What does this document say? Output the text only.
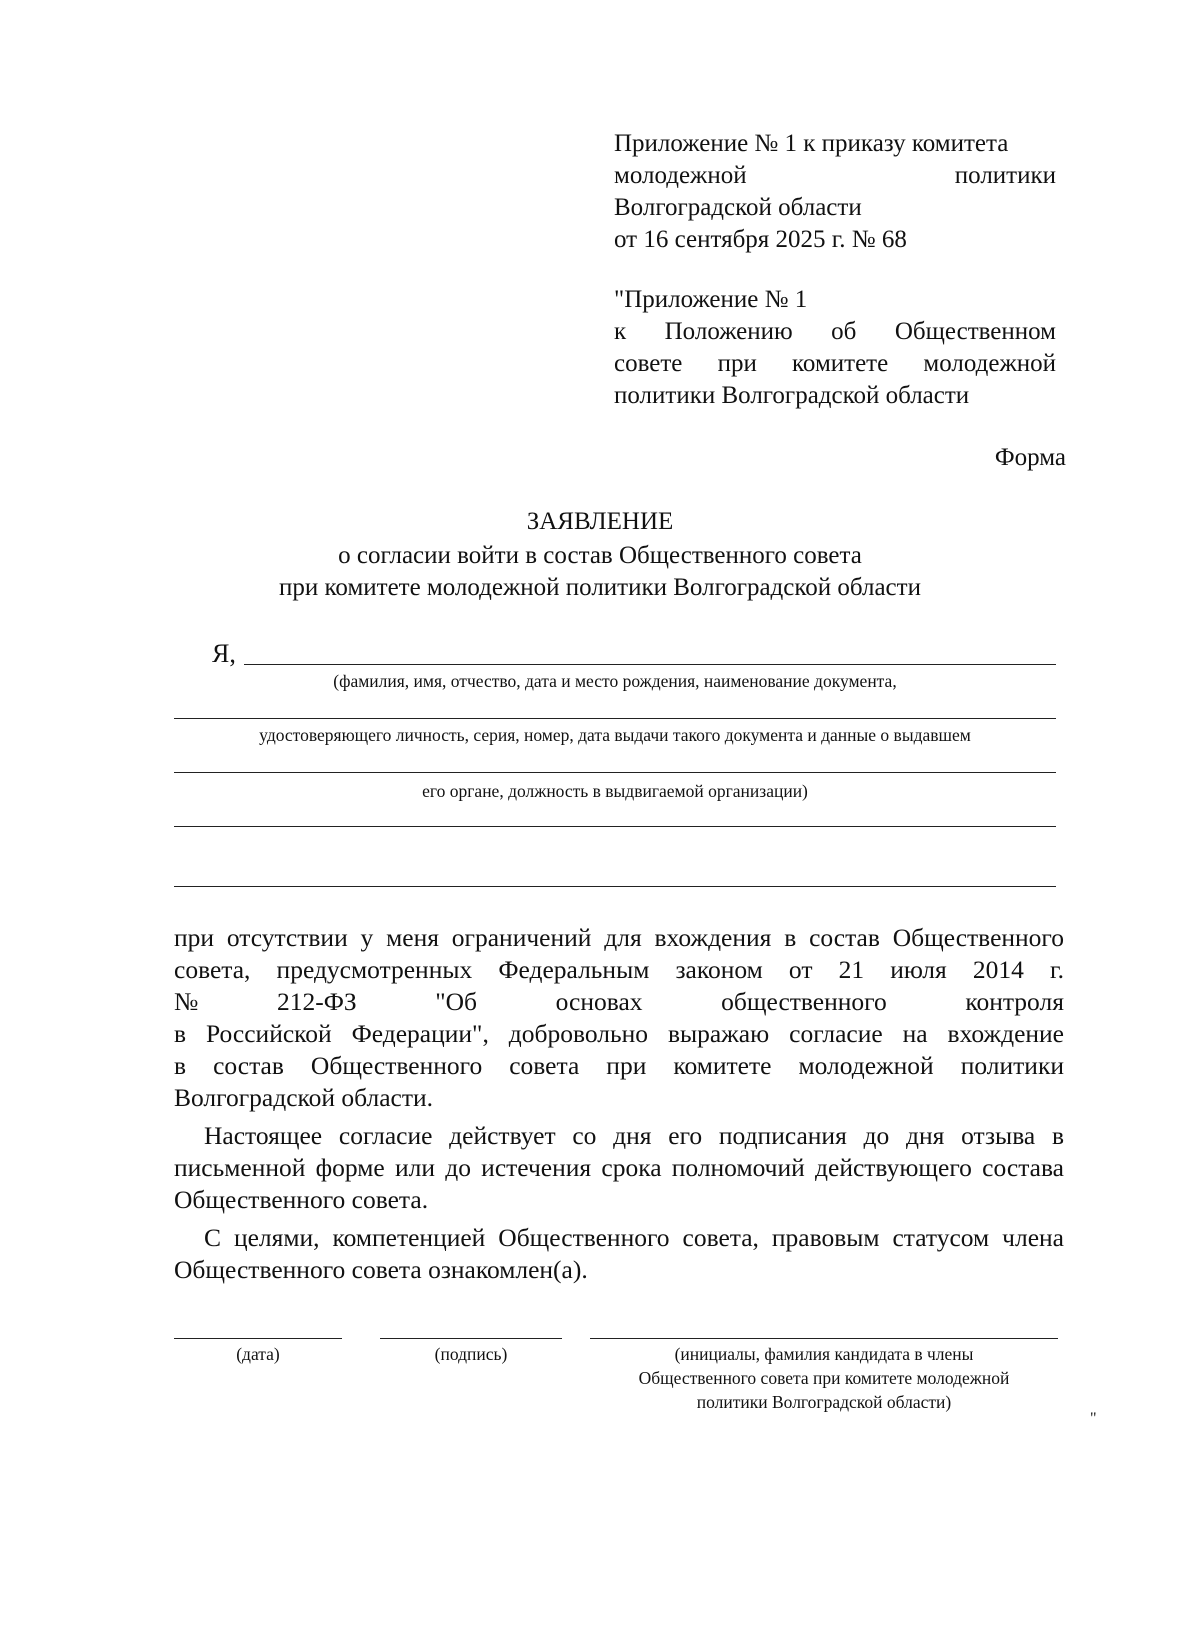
Приложение № 1 к приказу комитета
молодежной	политики
Волгоградской области
от 16 сентября 2025 г. № 68
"Приложение № 1
к Положению об Общественном
совете при комитете молодежной
политики Волгоградской области
Форма
ЗАЯВЛЕНИЕ
о согласии войти в состав Общественного совета
при комитете молодежной политики Волгоградской области
Я,
(фамилия, имя, отчество, дата и место рождения, наименование документа,
удостоверяющего личность, серия, номер, дата выдачи такого документа и данные о выдавшем
его органе, должность в выдвигаемой организации)
при отсутствии у меня ограничений для вхождения в состав Общественного
совета, предусмотренных Федеральным законом от 21 июля 2014 г.
№	212-ФЗ	"Об	основах	общественного	контроля
в Российской Федерации", добровольно выражаю согласие на вхождение
в состав Общественного совета при комитете молодежной политики
Волгоградской области.
Настоящее согласие действует со дня его подписания до дня отзыва в письменной форме или до истечения срока полномочий действующего состава Общественного совета.
С целями, компетенцией Общественного совета, правовым статусом члена Общественного совета ознакомлен(а).
(дата)	(подпись)	(инициалы, фамилия кандидата в члены
Общественного совета при комитете молодежной
политики Волгоградской области)
"
